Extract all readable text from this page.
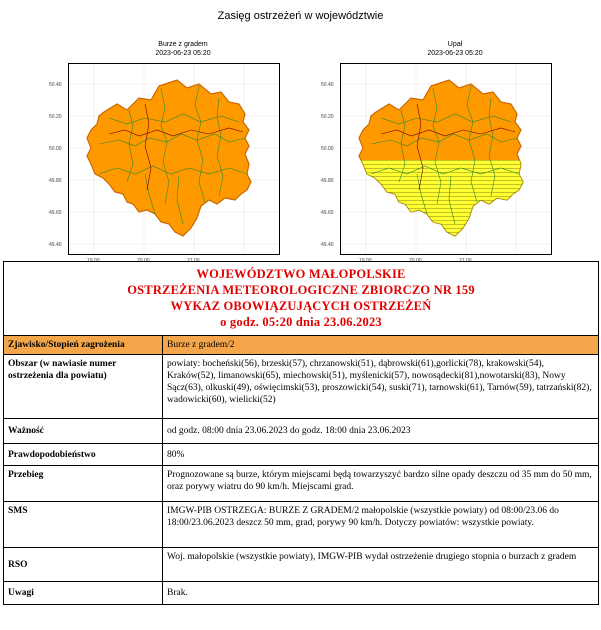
Zasięg ostrzeżeń w województwie
Burze z gradem
2023-06-23 05:20
50.40
50.20
50.00
49.80
49.60
49.40
19.00	20.00	21.00
Upał
2023-06-23 05:20
50.40
50.20
50.00
49.80
49.60
49.40
19.00	20.00	21.00
WOJEWÓDZTWO MAŁOPOLSKIE
OSTRZEŻENIA METEOROLOGICZNE ZBIORCZO NR 159
WYKAZ OBOWIĄZUJĄCYCH OSTRZEŻEŃ
o godz. 05:20 dnia 23.06.2023
Zjawisko/Stopień zagrożenia	Burze z gradem/2
Obszar (w nawiasie numer ostrzeżenia dla powiatu)	powiaty: bocheński(56), brzeski(57), chrzanowski(51), dąbrowski(61),gorlicki(78), krakowski(54), Kraków(52), limanowski(65), miechowski(51), myślenicki(57), nowosądecki(81),nowotarski(83), Nowy Sącz(63), olkuski(49), oświęcimski(53), proszowicki(54), suski(71), tarnowski(61), Tarnów(59), tatrzański(82), wadowicki(60), wielicki(52)
Ważność	od godz. 08:00 dnia 23.06.2023 do godz. 18:00 dnia 23.06.2023
Prawdopodobieństwo	80%
Przebieg	Prognozowane są burze, którym miejscami będą towarzyszyć bardzo silne opady deszczu od 35 mm do 50 mm, oraz porywy wiatru do 90 km/h. Miejscami grad.
SMS	IMGW-PIB OSTRZEGA: BURZE Z GRADEM/2 małopolskie (wszystkie powiaty) od 08:00/23.06 do 18:00/23.06.2023 deszcz 50 mm, grad, porywy 90 km/h. Dotyczy powiatów: wszystkie powiaty.
RSO	Woj. małopolskie (wszystkie powiaty), IMGW-PIB wydał ostrzeżenie drugiego stopnia o burzach z gradem
Uwagi	Brak.
